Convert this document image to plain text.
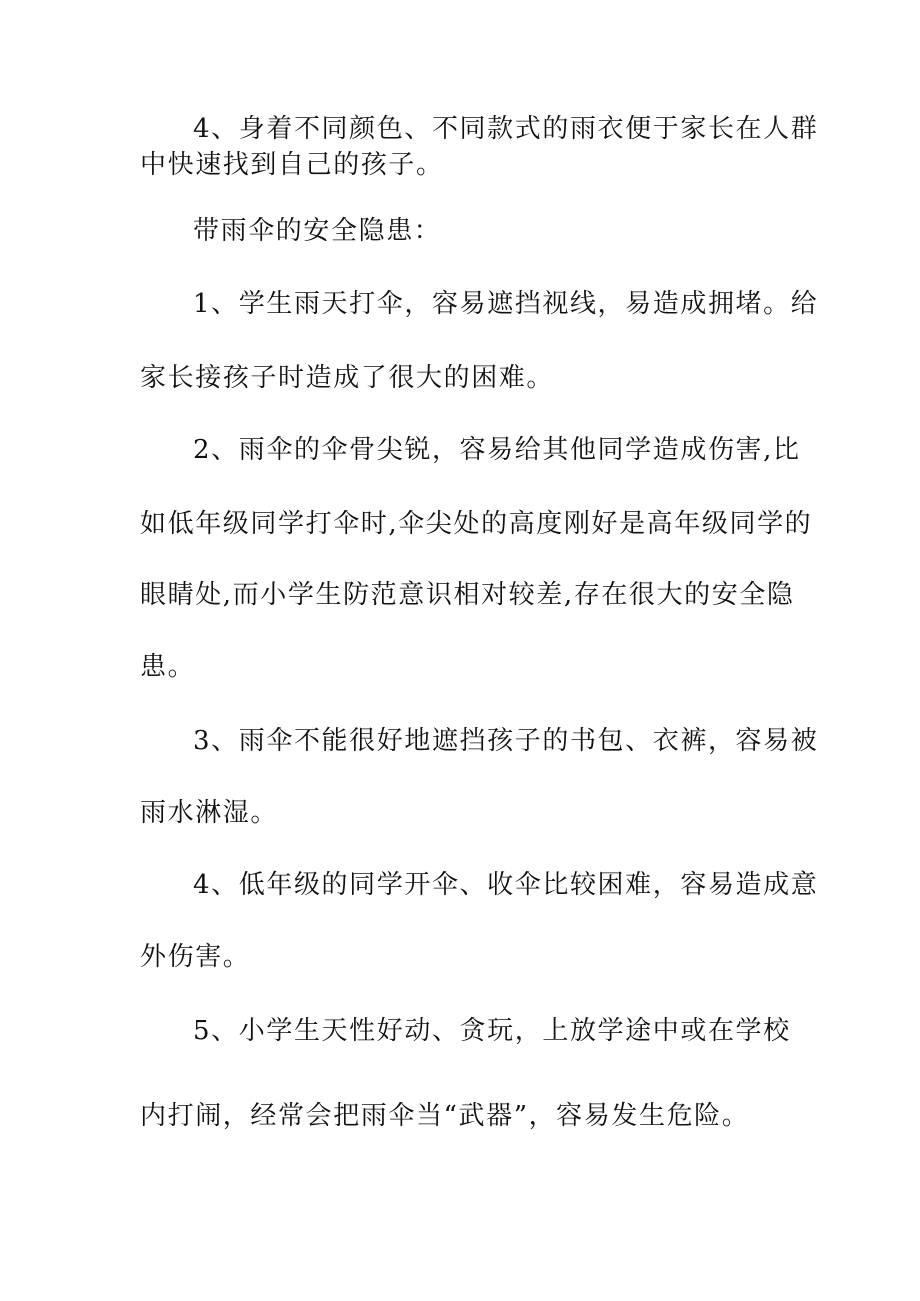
4、身着不同颜色、不同款式的雨衣便于家长在人群
中快速找到自己的孩子。
带雨伞的安全隐患：
1、学生雨天打伞，容易遮挡视线，易造成拥堵。给
家长接孩子时造成了很大的困难。
2、雨伞的伞骨尖锐，容易给其他同学造成伤害,比
如低年级同学打伞时,伞尖处的高度刚好是高年级同学的
眼睛处,而小学生防范意识相对较差,存在很大的安全隐
患。
3、雨伞不能很好地遮挡孩子的书包、衣裤，容易被
雨水淋湿。
4、低年级的同学开伞、收伞比较困难，容易造成意
外伤害。
5、小学生天性好动、贪玩，上放学途中或在学校
内打闹，经常会把雨伞当“武器”，容易发生危险。
